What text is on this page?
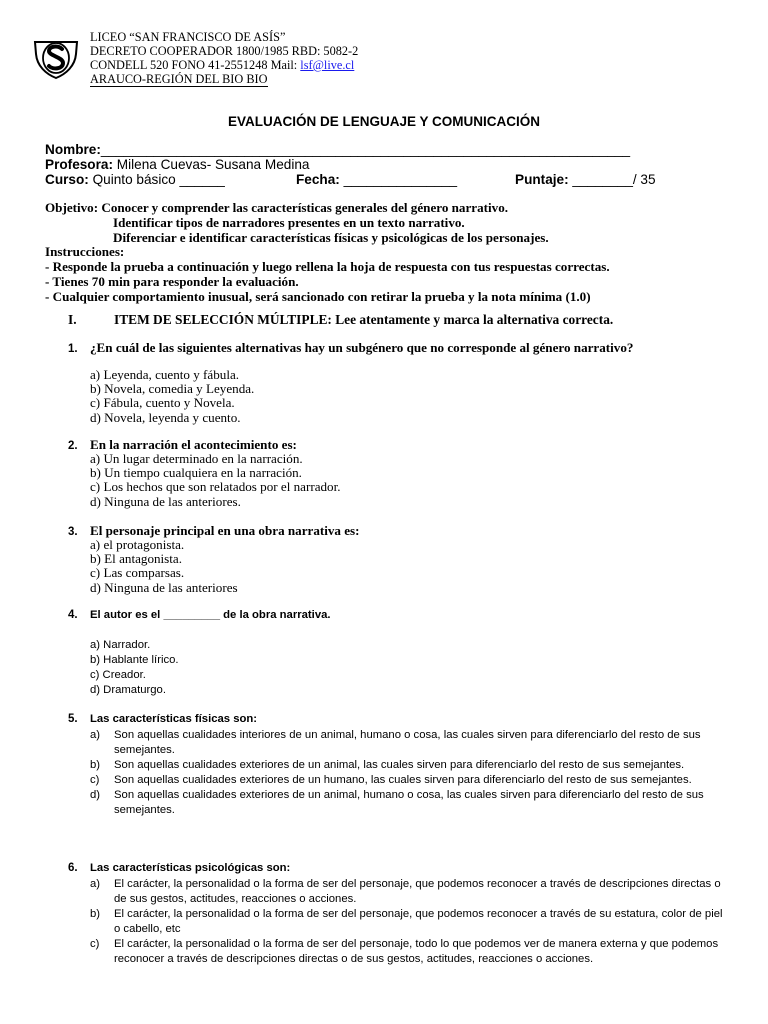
LICEO “SAN FRANCISCO DE ASÍS”
DECRETO COOPERADOR 1800/1985 RBD: 5082-2
CONDELL 520 FONO 41-2551248 Mail: lsf@live.cl
ARAUCO-REGIÓN DEL BIO BIO
EVALUACIÓN DE LENGUAJE Y COMUNICACIÓN
Nombre:______________________________________________________________________
Profesora: Milena Cuevas- Susana Medina
Curso: Quinto básico ______	Fecha: _______________	Puntaje: ________/ 35
Objetivo: Conocer y comprender las características generales del género narrativo.
Identificar tipos de narradores presentes en un texto narrativo.
Diferenciar e identificar características físicas y psicológicas de los personajes.
Instrucciones:
- Responde la prueba a continuación y luego rellena la hoja de respuesta con tus respuestas correctas.
- Tienes 70 min para responder la evaluación.
- Cualquier comportamiento inusual, será sancionado con retirar la prueba y la nota mínima (1.0)
I.	ITEM DE SELECCIÓN MÚLTIPLE: Lee atentamente y marca la alternativa correcta.
1. ¿En cuál de las siguientes alternativas hay un subgénero que no corresponde al género narrativo?
a) Leyenda, cuento y fábula.
b) Novela, comedia y Leyenda.
c) Fábula, cuento y Novela.
d) Novela, leyenda y cuento.
2. En la narración el acontecimiento es:
a) Un lugar determinado en la narración.
b) Un tiempo cualquiera en la narración.
c) Los hechos que son relatados por el narrador.
d) Ninguna de las anteriores.
3. El personaje principal en una obra narrativa es:
a) el protagonista.
b) El antagonista.
c) Las comparsas.
d) Ninguna de las anteriores
4. El autor es el _________ de la obra narrativa.
a) Narrador.
b) Hablante lírico.
c) Creador.
d) Dramaturgo.
5. Las características físicas son:
a) Son aquellas cualidades interiores de un animal, humano o cosa, las cuales sirven para diferenciarlo del resto de sus semejantes.
b) Son aquellas cualidades exteriores de un animal, las cuales sirven para diferenciarlo del resto de sus semejantes.
c) Son aquellas cualidades exteriores de un humano, las cuales sirven para diferenciarlo del resto de sus semejantes.
d) Son aquellas cualidades exteriores de un animal, humano o cosa, las cuales sirven para diferenciarlo del resto de sus semejantes.
6. Las características psicológicas son:
a) El carácter, la personalidad o la forma de ser del personaje, que podemos reconocer a través de descripciones directas o de sus gestos, actitudes, reacciones o acciones.
b) El carácter, la personalidad o la forma de ser del personaje, que podemos reconocer a través de su estatura, color de piel o cabello, etc
c) El carácter, la personalidad o la forma de ser del personaje, todo lo que podemos ver de manera externa y que podemos reconocer a través de descripciones directas o de sus gestos, actitudes, reacciones o acciones.
